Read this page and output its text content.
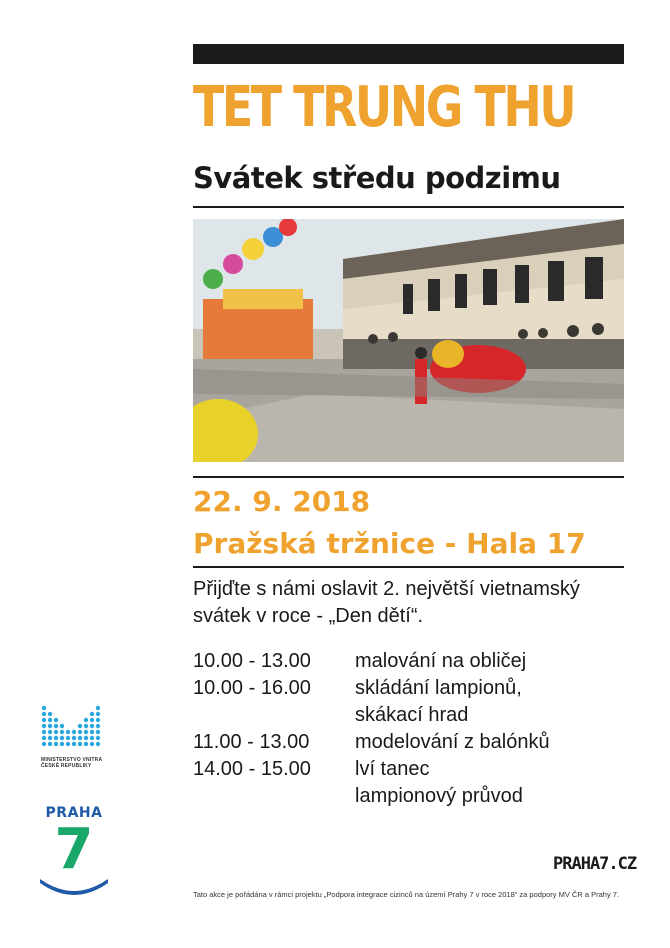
TET TRUNG THU
Svátek středu podzimu
22. 9. 2018
Pražská tržnice - Hala 17
Přijďte s námi oslavit 2. největší vietnamský
svátek v roce - „Den dětí“.
10.00 - 13.00	malování na obličej
10.00 - 16.00	skládání lampionů,
skákací hrad
11.00 - 13.00	modelování z balónků
14.00 - 15.00	lví tanec
lampionový průvod
MINISTERSTVO VNITRA
ČESKÉ REPUBLIKY
PRAHA
7	PRAHA7.CZ
Tato akce je pořádána v rámci projektu „Podpora integrace cizinců na území Prahy 7 v roce 2018“ za podpory MV ČR a Prahy 7.
